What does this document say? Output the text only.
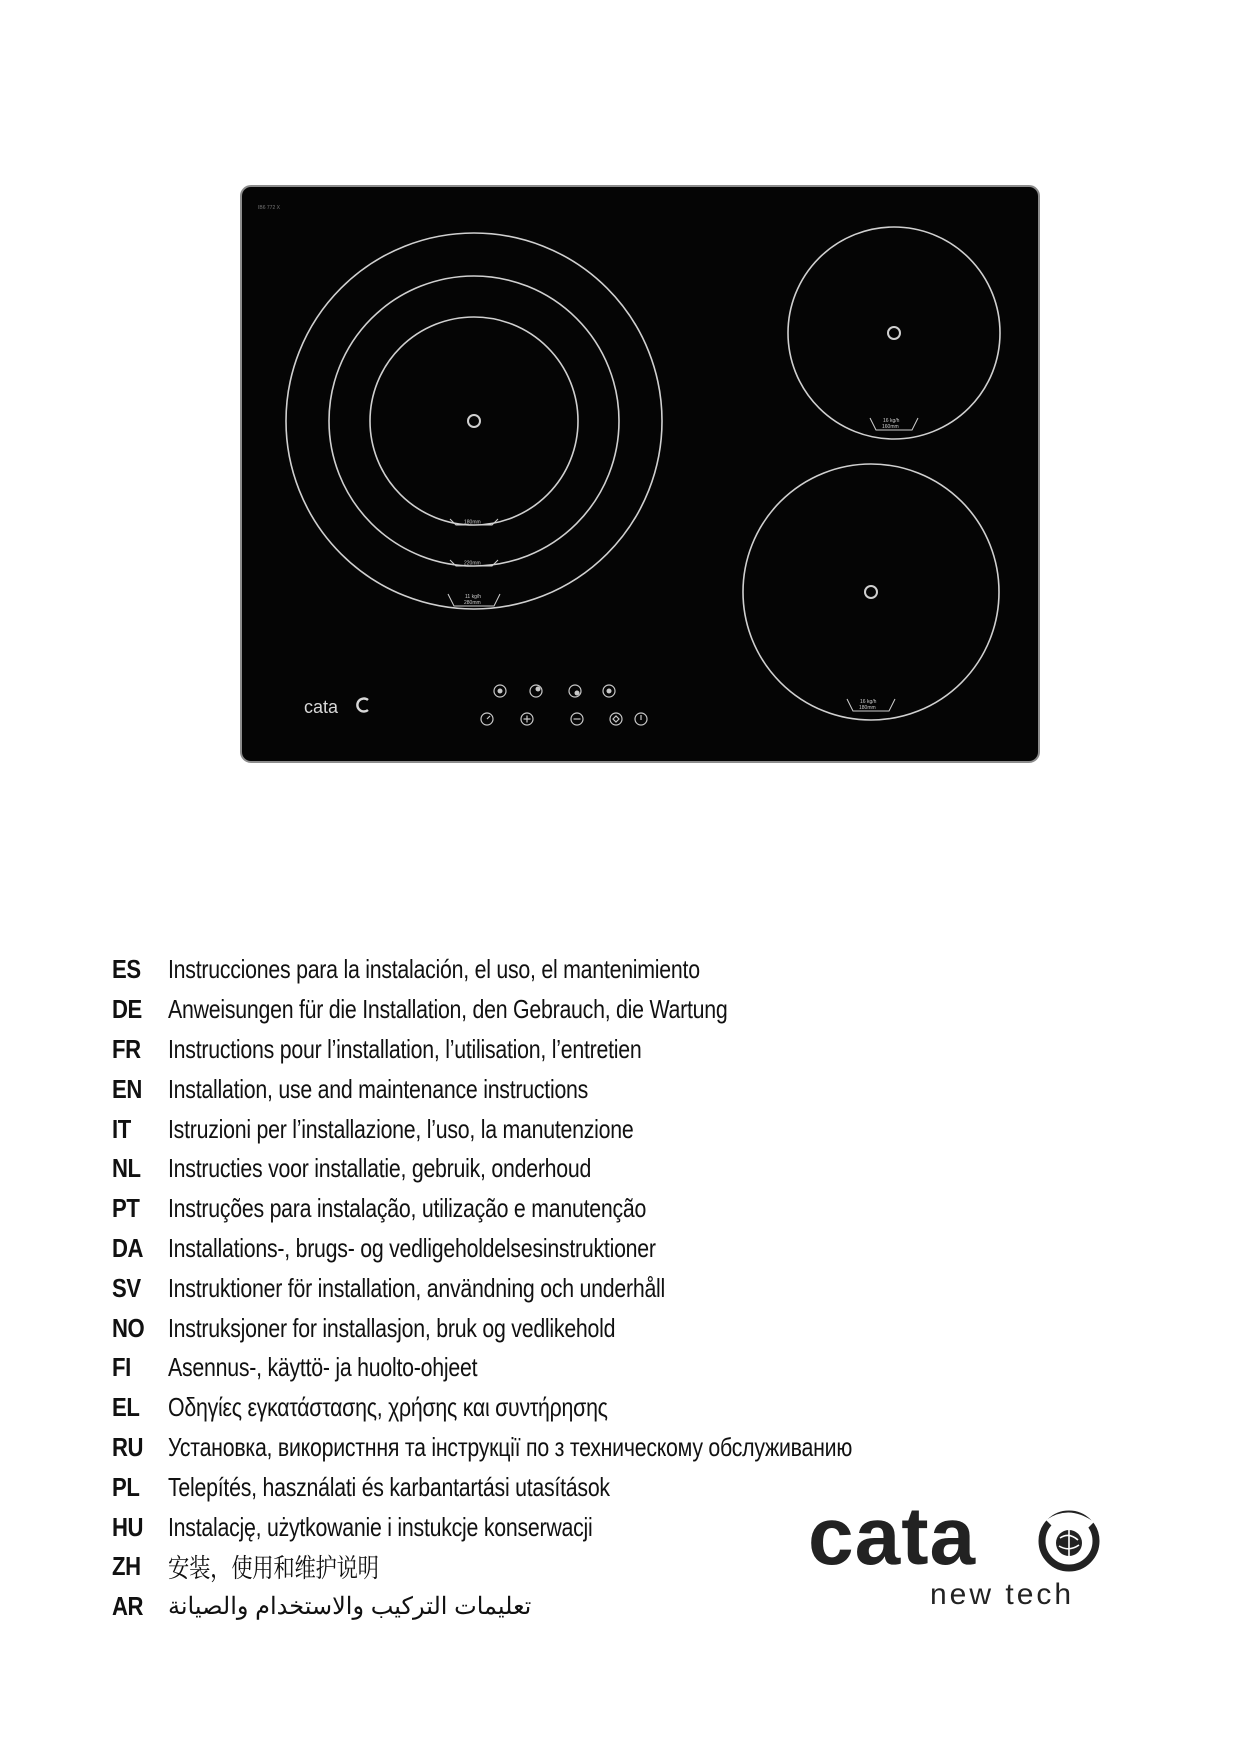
IB6 772 X
180mm
220mm
11 kg/h
280mm
16 kg/h
160mm
16 kg/h
180mm
cata
ES	Instrucciones para la instalación, el uso, el mantenimiento
DE	Anweisungen für die Installation, den Gebrauch, die Wartung
FR	Instructions pour l’installation, l’utilisation, l’entretien
EN	Installation, use and maintenance instructions
IT	Istruzioni per l’installazione, l’uso, la manutenzione
NL	Instructies voor installatie, gebruik, onderhoud
PT	Instruções para instalação, utilização e manutenção
DA Installations-, brugs- og vedligeholdelsesinstruktioner
SV	Instruktioner för installation, användning och underhåll
NO Instruksjoner for installasjon, bruk og vedlikehold
FI	Asennus-, käyttö- ja huolto-ohjeet
EL	Οδηγίες εγκατάστασης, χρήσης και συντήρησης
RU Установка, використння та інструкції по з техническому обслуживанию
PL	Telepítés, használati és karbantartási utasítások
HU Instalację, użytkowanie i instukcje konserwacji
ZH	安装，使用和维护说明
AR	تعليمات التركيب والاستخدام والصيانة
cata
new tech
